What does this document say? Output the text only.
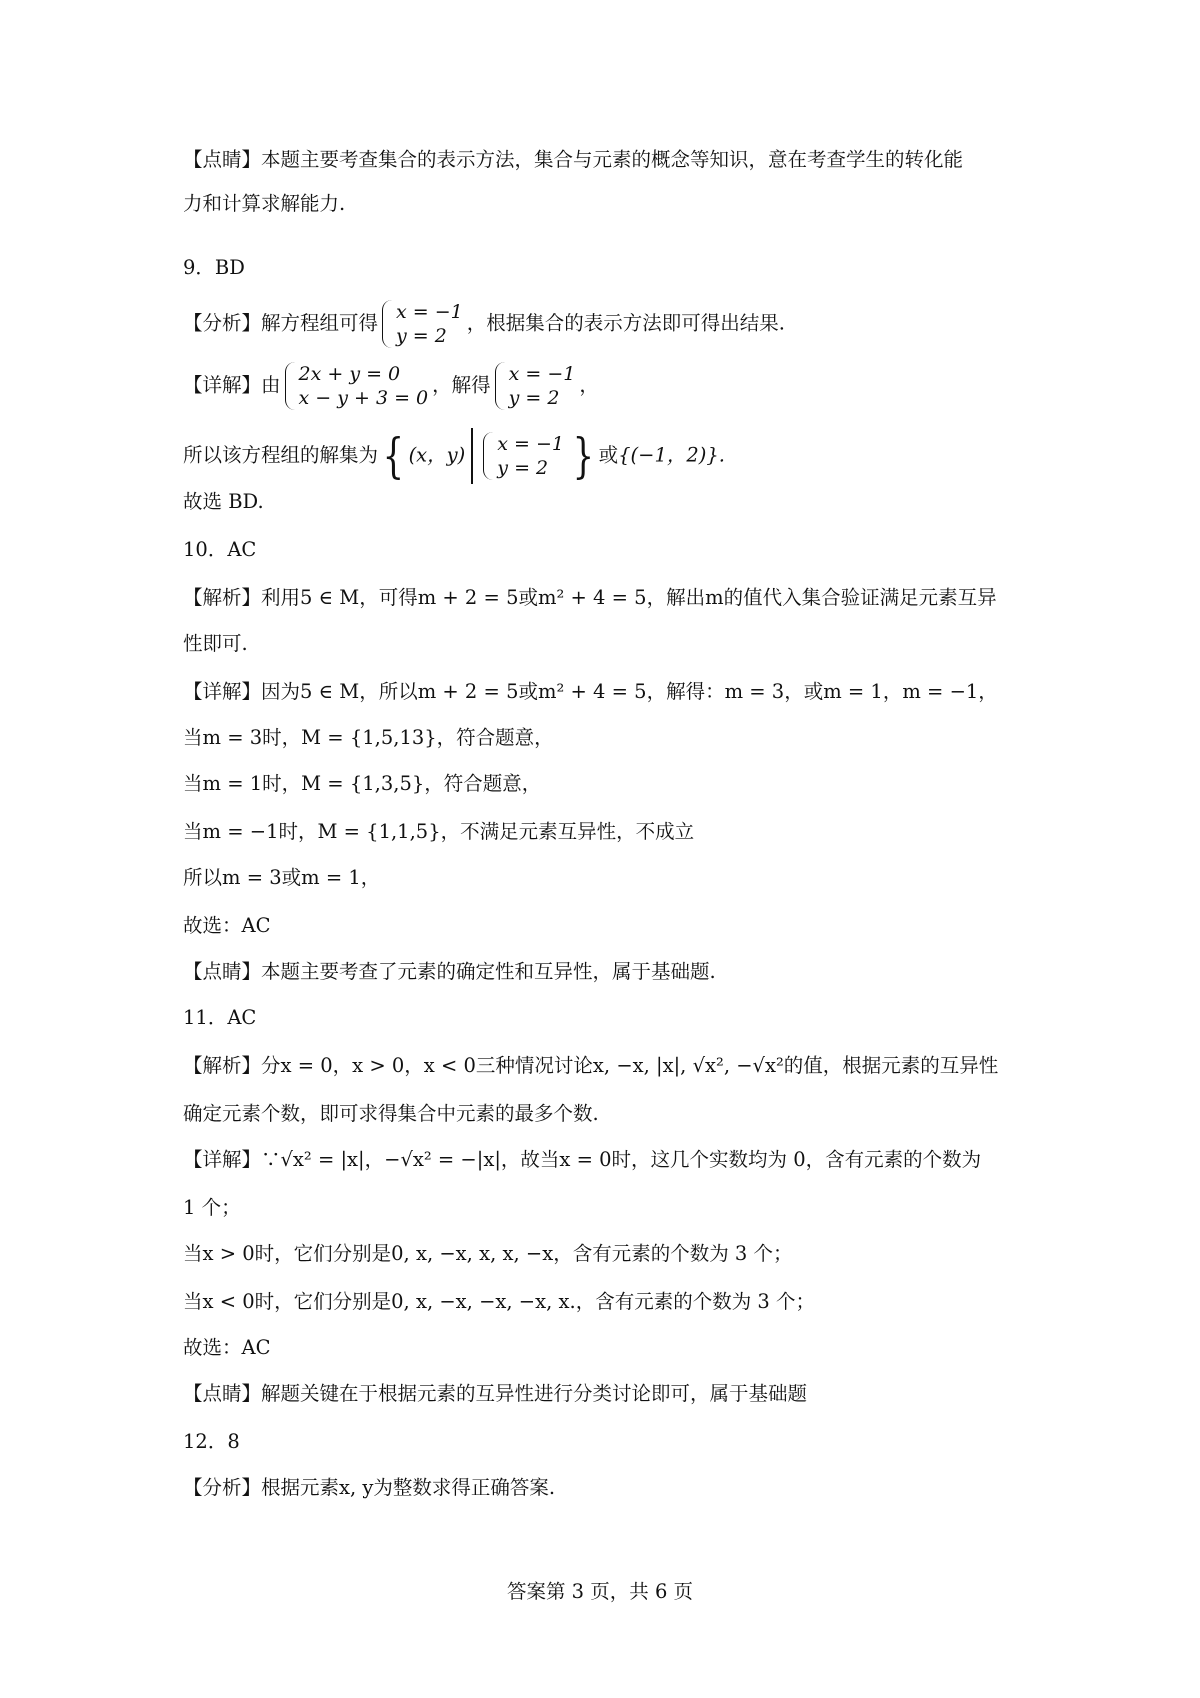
【点睛】本题主要考查集合的表示方法，集合与元素的概念等知识，意在考查学生的转化能
力和计算求解能力.
9．BD
【分析】解方程组可得 x = −1
y = 2
，根据集合的表示方法即可得出结果.
【详解】由 2x + y = 0
x − y + 3 = 0
，解得 x = −1
y = 2
，
所以该方程组的解集为{ (x，y) x = −1
y = 2 } 或{(−1，2)}.
故选 BD.
10．AC
【解析】利用5 ∈ M，可得m + 2 = 5或m² + 4 = 5，解出m的值代入集合验证满足元素互异
性即可.
【详解】因为5 ∈ M，所以m + 2 = 5或m² + 4 = 5，解得：m = 3，或m = 1，m = −1，
当m = 3时，M = {1,5,13}，符合题意，
当m = 1时，M = {1,3,5}，符合题意，
当m = −1时，M = {1,1,5}，不满足元素互异性，不成立
所以m = 3或m = 1，
故选：AC
【点睛】本题主要考查了元素的确定性和互异性，属于基础题.
11．AC
【解析】分x = 0，x > 0，x < 0三种情况讨论x, −x, |x|, √x², −√x²的值，根据元素的互异性
确定元素个数，即可求得集合中元素的最多个数.
【详解】∵√x² = |x|，−√x² = −|x|，故当x = 0时，这几个实数均为 0，含有元素的个数为
1 个；
当x > 0时，它们分别是0, x, −x, x, x, −x，含有元素的个数为 3 个；
当x < 0时，它们分别是0, x, −x, −x, −x, x.，含有元素的个数为 3 个；
故选：AC
【点睛】解题关键在于根据元素的互异性进行分类讨论即可，属于基础题
12．8
【分析】根据元素x, y为整数求得正确答案.
答案第 3 页，共 6 页
